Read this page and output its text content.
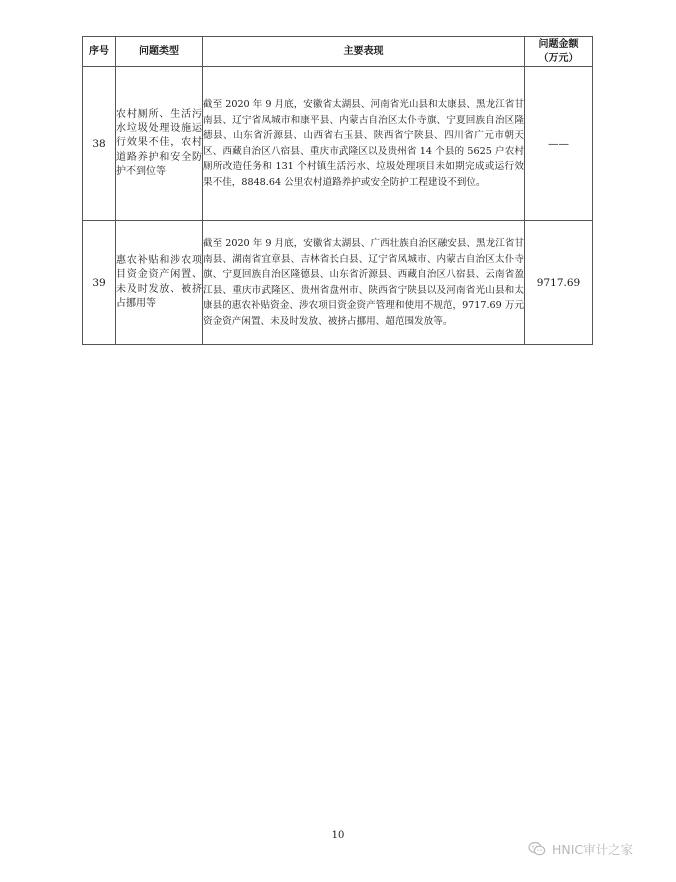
序号	问题类型	主要表现	问题金额
（万元）
38	农村厕所、生活污水垃圾处理设施运行效果不佳，农村道路养护和安全防护不到位等	截至 2020 年 9 月底，安徽省太湖县、河南省光山县和太康县、黑龙江省甘南县、辽宁省凤城市和康平县、内蒙古自治区太仆寺旗、宁夏回族自治区隆德县、山东省沂源县、山西省右玉县、陕西省宁陕县、四川省广元市朝天区、西藏自治区八宿县、重庆市武隆区以及贵州省 14 个县的 5625 户农村厕所改造任务和 131 个村镇生活污水、垃圾处理项目未如期完成或运行效果不佳，8848.64 公里农村道路养护或安全防护工程建设不到位。	——
39	惠农补贴和涉农项目资金资产闲置、未及时发放、被挤占挪用等	截至 2020 年 9 月底，安徽省太湖县、广西壮族自治区融安县、黑龙江省甘南县、湖南省宜章县、吉林省长白县、辽宁省凤城市、内蒙古自治区太仆寺旗、宁夏回族自治区隆德县、山东省沂源县、西藏自治区八宿县、云南省盈江县、重庆市武隆区、贵州省盘州市、陕西省宁陕县以及河南省光山县和太康县的惠农补贴资金、涉农项目资金资产管理和使用不规范，9717.69 万元资金资产闲置、未及时发放、被挤占挪用、超范围发放等。	9717.69
10
HNIC审计之家
